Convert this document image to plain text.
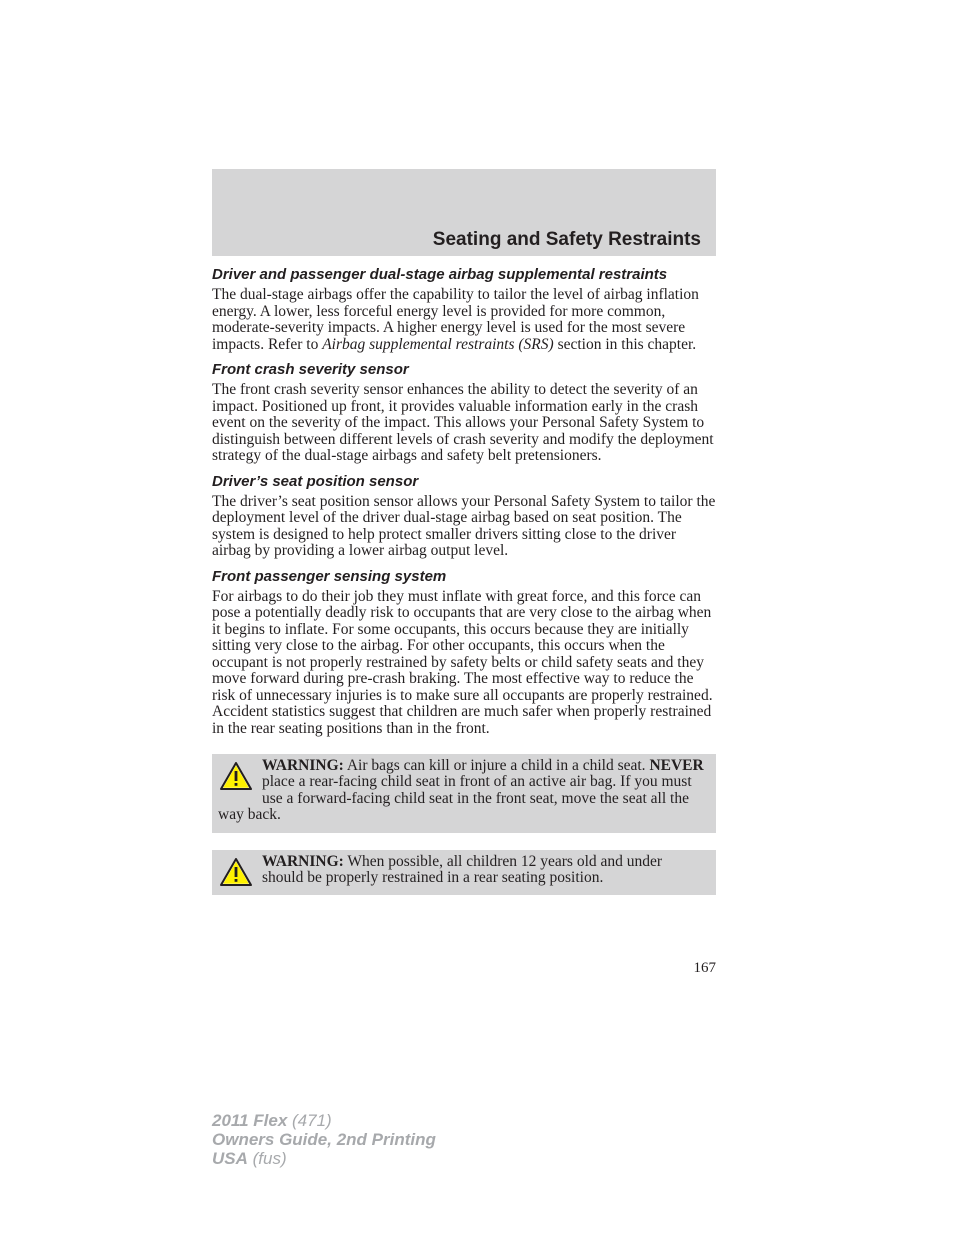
Seating and Safety Restraints
Driver and passenger dual-stage airbag supplemental restraints

The dual-stage airbags offer the capability to tailor the level of airbag inflation energy. A lower, less forceful energy level is provided for more common, moderate-severity impacts. A higher energy level is used for the most severe impacts. Refer to Airbag supplemental restraints (SRS) section in this chapter.

Front crash severity sensor

The front crash severity sensor enhances the ability to detect the severity of an impact. Positioned up front, it provides valuable information early in the crash event on the severity of the impact. This allows your Personal Safety System to distinguish between different levels of crash severity and modify the deployment strategy of the dual-stage airbags and safety belt pretensioners.

Driver’s seat position sensor

The driver’s seat position sensor allows your Personal Safety System to tailor the deployment level of the driver dual-stage airbag based on seat position. The system is designed to help protect smaller drivers sitting close to the driver airbag by providing a lower airbag output level.

Front passenger sensing system

For airbags to do their job they must inflate with great force, and this force can pose a potentially deadly risk to occupants that are very close to the airbag when it begins to inflate. For some occupants, this occurs because they are initially sitting very close to the airbag. For other occupants, this occurs when the occupant is not properly restrained by safety belts or child safety seats and they move forward during pre-crash braking. The most effective way to reduce the risk of unnecessary injuries is to make sure all occupants are properly restrained. Accident statistics suggest that children are much safer when properly restrained in the rear seating positions than in the front.

WARNING: Air bags can kill or injure a child in a child seat. NEVER place a rear-facing child seat in front of an active air bag. If you must use a forward-facing child seat in the front seat, move the seat all the way back.
WARNING: When possible, all children 12 years old and under should be properly restrained in a rear seating position.
167
2011 Flex (471)
Owners Guide, 2nd Printing
USA (fus)
